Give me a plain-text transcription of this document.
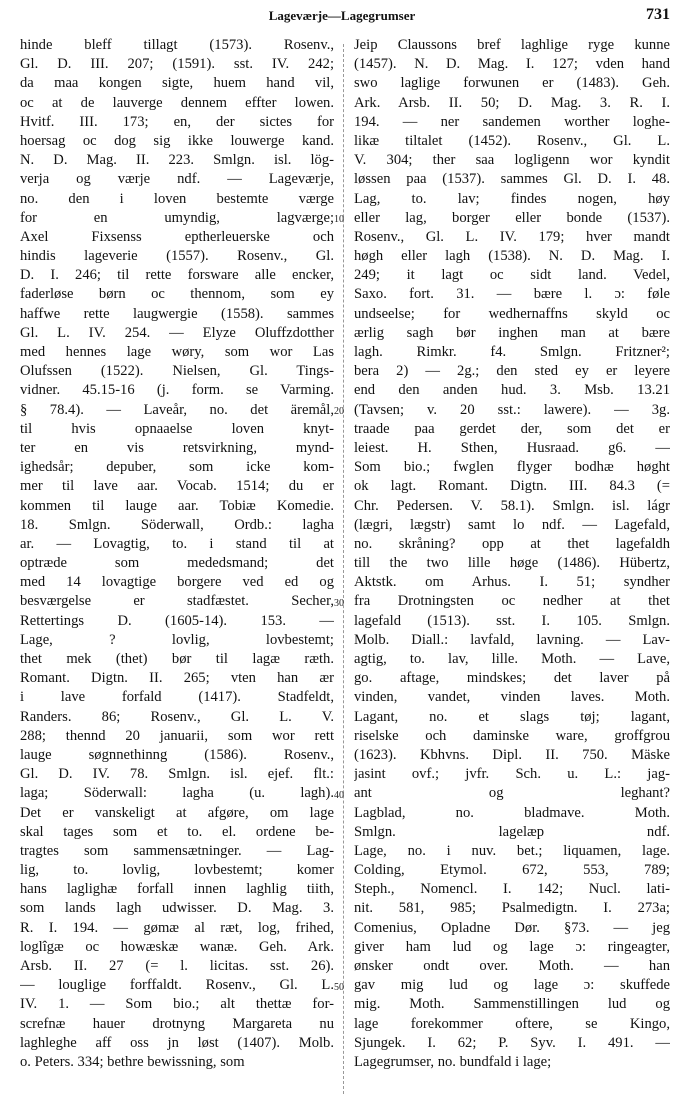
Lageværje—Lagegrumser	731
hinde bleff tillagt (1573). Rosenv.,
Gl. D. III. 207; (1591). sst. IV. 242;
da maa kongen sigte, huem hand vil,
oc at de lauverge dennem effter lowen.
Hvitf. III. 173; en, der sictes for
hoersag oc dog sig ikke louwerge kand.
N. D. Mag. II. 223. Smlgn. isl. lög-
verja og værje ndf. — Lageværje,
no. den i loven bestemte værge
for en umyndig, lagværge;
Axel Fixsenss eptherleuerske och
hindis lageverie (1557). Rosenv., Gl.
D. I. 246; til rette forsware alle encker,
faderløse børn oc thennom, som ey
haffwe rette laugwergie (1558). sammes
Gl. L. IV. 254. — Elyze Oluffzdotther
med hennes lage wøry, som wor Las
Olufssen (1522). Nielsen, Gl. Tings-
vidner. 45.15-16 (j. form. se Varming.
§ 78.4). — Laveår, no. det äremål,
til hvis opnaaelse loven knyt-
ter en vis retsvirkning, mynd-
ighedsår; depuber, som icke kom-
mer til lave aar. Vocab. 1514; du er
kommen til lauge aar. Tobiæ Komedie.
18. Smlgn. Söderwall, Ordb.: lagha
ar. — Lovagtig, to. i stand til at
optræde som mededsmand; det
med 14 lovagtige borgere ved ed og
besværgelse er stadfæstet. Secher,
Rettertings D. (1605-14). 153. —
Lage, ? lovlig, lovbestemt;
thet mek (thet) bør til lagæ ræth.
Romant. Digtn. II. 265; vten han ær
i lave forfald (1417). Stadfeldt,
Randers. 86; Rosenv., Gl. L. V.
288; thennd 20 januarii, som wor rett
lauge søgnnethinng (1586). Rosenv.,
Gl. D. IV. 78. Smlgn. isl. ejef. flt.:
laga; Söderwall: lagha (u. lagh).
Det er vanskeligt at afgøre, om lage
skal tages som et to. el. ordene be-
tragtes som sammensætninger. — Lag-
lig, to. lovlig, lovbestemt; komer
hans laglighæ forfall innen laghlig tiith,
som lands lagh udwisser. D. Mag. 3.
R. I. 194. — gømæ al ræt, log, frihed,
loglîgæ oc howæskæ wanæ. Geh. Ark.
Arsb. II. 27 (= l. licitas. sst. 26).
— louglige forffaldt. Rosenv., Gl. L.
IV. 1. — Som bio.; alt thettæ for-
screfnæ hauer drotnyng Margareta nu
laghleghe aff oss jn løst (1407). Molb.
o. Peters. 334; bethre bewissning, som
10
20
30
40
50
Jeip Claussons bref laghlige ryge kunne
(1457). N. D. Mag. I. 127; vden hand
swo laglige forwunen er (1483). Geh.
Ark. Arsb. II. 50; D. Mag. 3. R. I.
194. — ner sandemen worther loghe-
likæ tiltalet (1452). Rosenv., Gl. L.
V. 304; ther saa logligenn wor kyndit
løssen paa (1537). sammes Gl. D. I. 48.
Lag, to. lav; findes nogen, høy
eller lag, borger eller bonde (1537).
Rosenv., Gl. L. IV. 179; hver mandt
høgh eller lagh (1538). N. D. Mag. I.
249; it lagt oc sidt land. Vedel,
Saxo. fort. 31. — bære l. ɔ: føle
undseelse; for wedhernaffns skyld oc
ærlig sagh bør inghen man at bære
lagh. Rimkr. f4. Smlgn. Fritzner²;
bera 2) — 2g.; den sted ey er leyere
end den anden hud. 3. Msb. 13.21
(Tavsen; v. 20 sst.: lawere). — 3g.
traade paa gerdet der, som det er
leiest. H. Sthen, Husraad. g6. —
Som bio.; fwglen flyger bodhæ høght
ok lagt. Romant. Digtn. III. 84.3 (=
Chr. Pedersen. V. 58.1). Smlgn. isl. lágr
(lægri, lægstr) samt lo ndf. — Lagefald,
no. skråning? opp at thet lagefaldh
till the two lille høge (1486). Hübertz,
Aktstk. om Arhus. I. 51; syndher
fra Drotningsten oc nedher at thet
lagefald (1513). sst. I. 105. Smlgn.
Molb. Diall.: lavfald, lavning. — Lav-
agtig, to. lav, lille. Moth. — Lave,
go. aftage, mindskes; det laver på
vinden, vandet, vinden laves. Moth.
Lagant, no. et slags tøj; lagant,
riselske och daminske ware, groffgrou
(1623). Kbhvns. Dipl. II. 750. Mäske
jasint ovf.; jvfr. Sch. u. L.: jag-
ant og leghant?
Lagblad, no. bladmave. Moth.
Smlgn. lagelæp ndf.
Lage, no. i nuv. bet.; liquamen, lage.
Colding, Etymol. 672, 553, 789;
Steph., Nomencl. I. 142; Nucl. lati-
nit. 581, 985; Psalmedigtn. I. 273a;
Comenius, Opladne Dør. §73. — jeg
giver ham lud og lage ɔ: ringeagter,
ønsker ondt over. Moth. — han
gav mig lud og lage ɔ: skuffede
mig. Moth. Sammenstillingen lud og
lage forekommer oftere, se Kingo,
Sjungek. I. 62; P. Syv. I. 491. —
Lagegrumser, no. bundfald i lage;
